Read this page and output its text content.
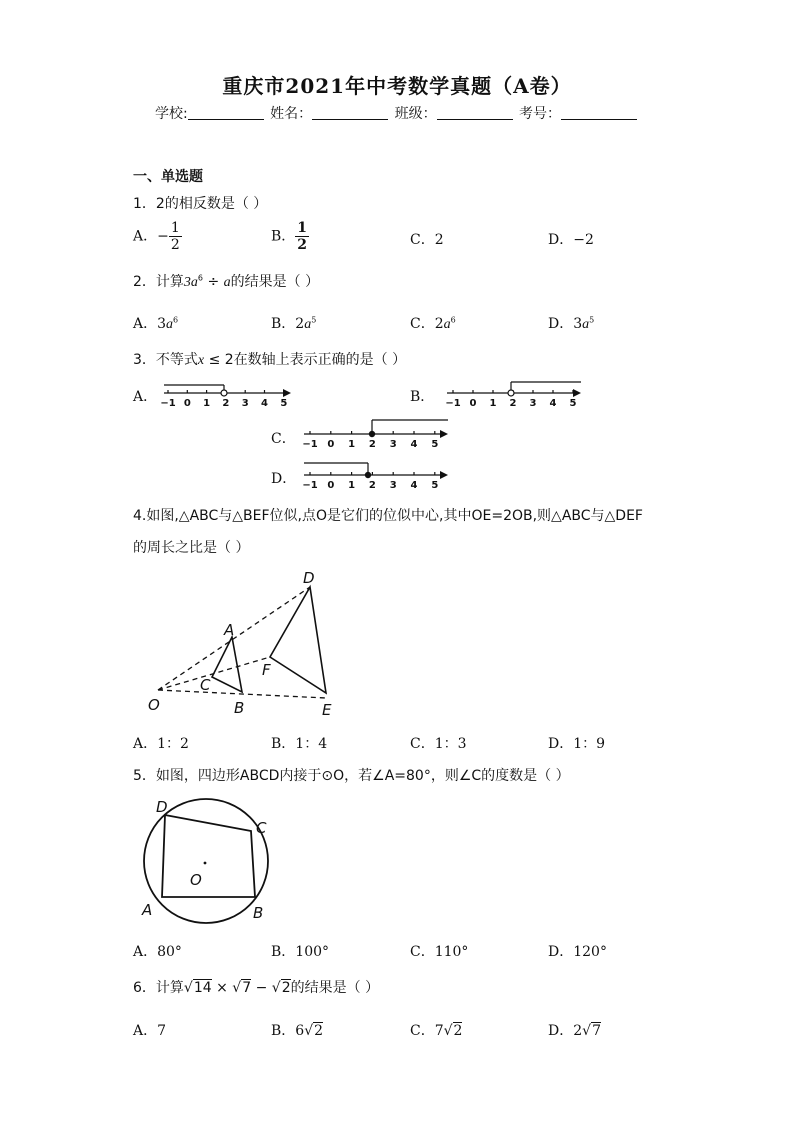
重庆市2021年中考数学真题（A卷）
学校:	姓名：	班级：	考号：
一、单选题
1．2的相反数是（ ）
A．− $\frac{1}{2}$	B． $\frac{1}{2}$	C．2	D．−2
2．计算$3a^6 \div a$的结果是（ ）
A．$3a^6$	B．$2a^5$	C．$2a^6$	D．$3a^5$
3．不等式x ≤ 2在数轴上表示正确的是（ ）
A． −1 0 1 2 3 4 5	B． −1 0 1 2 3 4 5
C． −1 0 1 2 3 4 5
D． −1 0 1 2 3 4 5
4.如图,△ABC与△BEF位似,点O是它们的位似中心,其中OE=2OB,则△ABC与△DEF
的周长之比是（ ）
D
A
F
C
O	B	E
A．1：2	B．1：4	C．1：3	D．1：9
5．如图，四边形ABCD内接于⊙O，若∠A=80°，则∠C的度数是（ ）
D
C
O
A	B
A．80°	B．100°	C．110°	D．120°
6．计算√14 × √7 − √2的结果是（ ）
A．7	B．6√2	C．7√2	D．2√7
